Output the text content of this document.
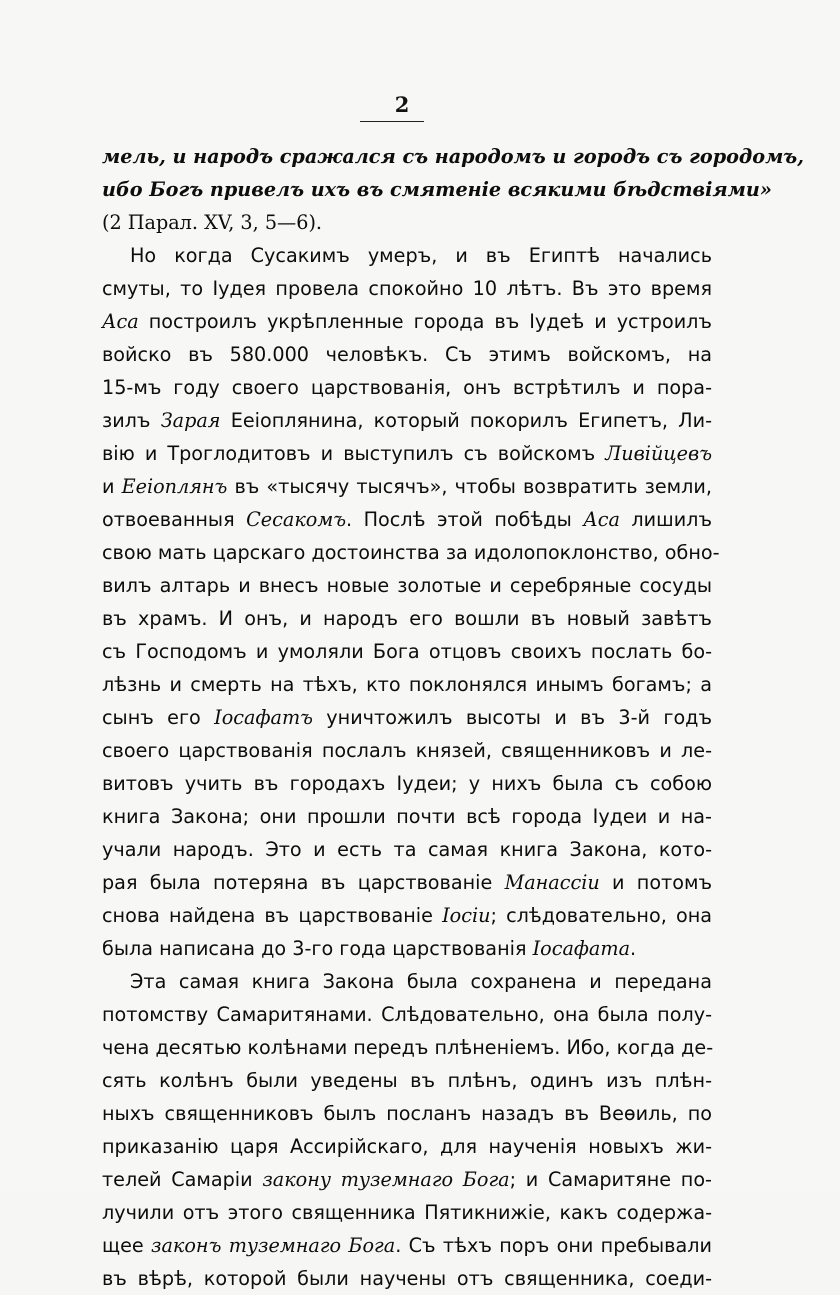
2
мель, и народъ сражался съ народомъ и городъ съ городомъ,
ибо Богъ привелъ ихъ въ смятеніе всякими бѣдствіями»
(2 Парал. XV, 3, 5—6).
Но когда Сусакимъ умеръ, и въ Египтѣ начались
смуты, то Іудея провела спокойно 10 лѣтъ. Въ это время
Аса построилъ укрѣпленные города въ Іудеѣ и устроилъ
войско въ 580.000 человѣкъ. Съ этимъ войскомъ, на
15-мъ году своего царствованія, онъ встрѣтилъ и пора-
зилъ Зарая Ееіоплянина, который покорилъ Египетъ, Ли-
вію и Троглодитовъ и выступилъ съ войскомъ Ливійцевъ
и Ееіоплянъ въ «тысячу тысячъ», чтобы возвратить земли,
отвоеванныя Сесакомъ. Послѣ этой побѣды Аса лишилъ
свою мать царскаго достоинства за идолопоклонство, обно-
вилъ алтарь и внесъ новые золотые и серебряные сосуды
въ храмъ. И онъ, и народъ его вошли въ новый завѣтъ
съ Господомъ и умоляли Бога отцовъ своихъ послать бо-
лѣзнь и смерть на тѣхъ, кто поклонялся инымъ богамъ; а
сынъ его Іосафатъ уничтожилъ высоты и въ 3-й годъ
своего царствованія послалъ князей, священниковъ и ле-
витовъ учить въ городахъ Іудеи; у нихъ была съ собою
книга Закона; они прошли почти всѣ города Іудеи и на-
учали народъ. Это и есть та самая книга Закона, кото-
рая была потеряна въ царствованіе Манассіи и потомъ
снова найдена въ царствованіе Іосіи; слѣдовательно, она
была написана до 3-го года царствованія Іосафата.
Эта самая книга Закона была сохранена и передана
потомству Самаритянами. Слѣдовательно, она была полу-
чена десятью колѣнами передъ плѣненіемъ. Ибо, когда де-
сять колѣнъ были уведены въ плѣнъ, одинъ изъ плѣн-
ныхъ священниковъ былъ посланъ назадъ въ Веѳиль, по
приказанію царя Ассирійскаго, для наученія новыхъ жи-
телей Самаріи закону туземнаго Бога; и Самаритяне по-
лучили отъ этого священника Пятикнижіе, какъ содержа-
щее законъ туземнаго Бога. Съ тѣхъ поръ они пребывали
въ вѣрѣ, которой были научены отъ священника, соеди-
